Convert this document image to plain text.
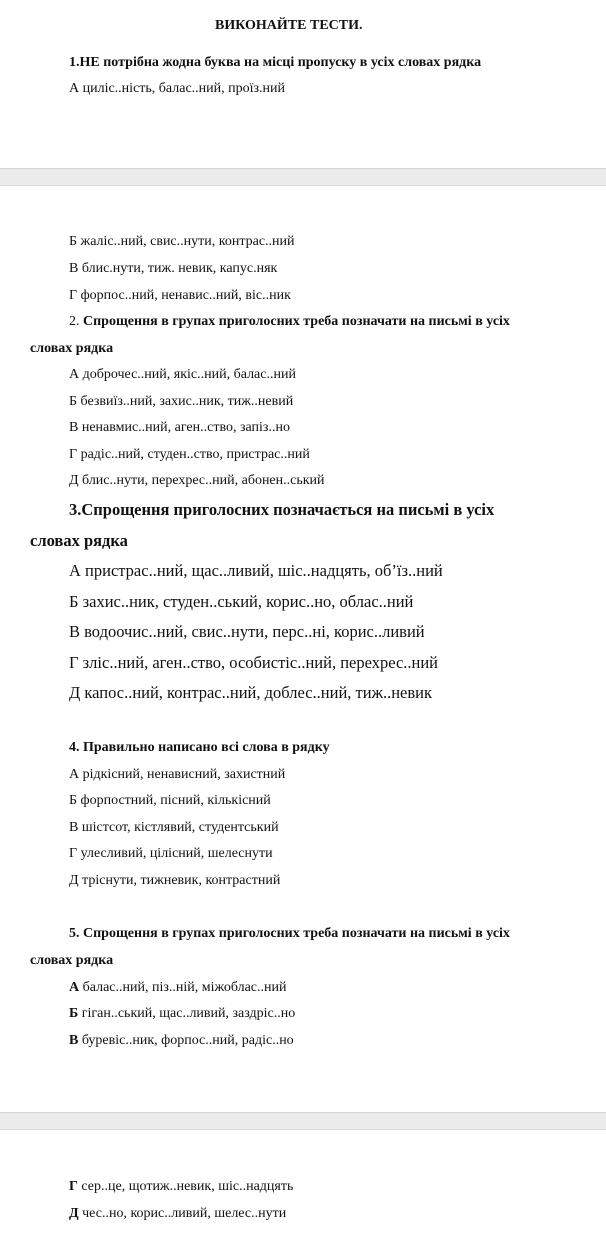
ВИКОНАЙТЕ ТЕСТИ.
1.НЕ потрібна жодна буква на місці пропуску в усіх словах рядка
А циліс..ність, балас..ний, проїз.ний
Б жаліс..ний, свис..нути, контрас..ний
В блис.нути, тиж. невик, капус.няк
Г форпос..ний, ненавис..ний, віс..ник
2. Спрощення в групах приголосних треба позначати на письмі в усіх
словах рядка
А доброчес..ний, якіс..ний, балас..ний
Б безвиїз..ний, захис..ник, тиж..невий
В ненавмис..ний, аген..ство, запіз..но
Г радіс..ний, студен..ство, пристрас..ний
Д блис..нути, перехрес..ний, абонен..ський
3.Спрощення приголосних позначається на письмі в усіх
словах рядка
А пристрас..ний, щас..ливий, шіс..надцять, об’їз..ний
Б захис..ник, студен..ський, корис..но, облас..ний
В водоочис..ний, свис..нути, перс..ні, корис..ливий
Г зліс..ний, аген..ство, особистіс..ний, перехрес..ний
Д капос..ний, контрас..ний, доблес..ний, тиж..невик
4. Правильно написано всі слова в рядку
А рідкісний, ненависний, захистний
Б форпостний, пісний, кількісний
В шістсот, кістлявий, студентський
Г улесливий, цілісний, шелеснути
Д тріснути, тижневик, контрастний
5. Спрощення в групах приголосних треба позначати на письмі в усіх
словах рядка
А балас..ний, піз..ній, міжоблас..ний
Б гіган..ський, щас..ливий, заздріс..но
В буревіс..ник, форпос..ний, радіс..но
Г сер..це, щотиж..невик, шіс..надцять
Д чес..но, корис..ливий, шелес..нути
